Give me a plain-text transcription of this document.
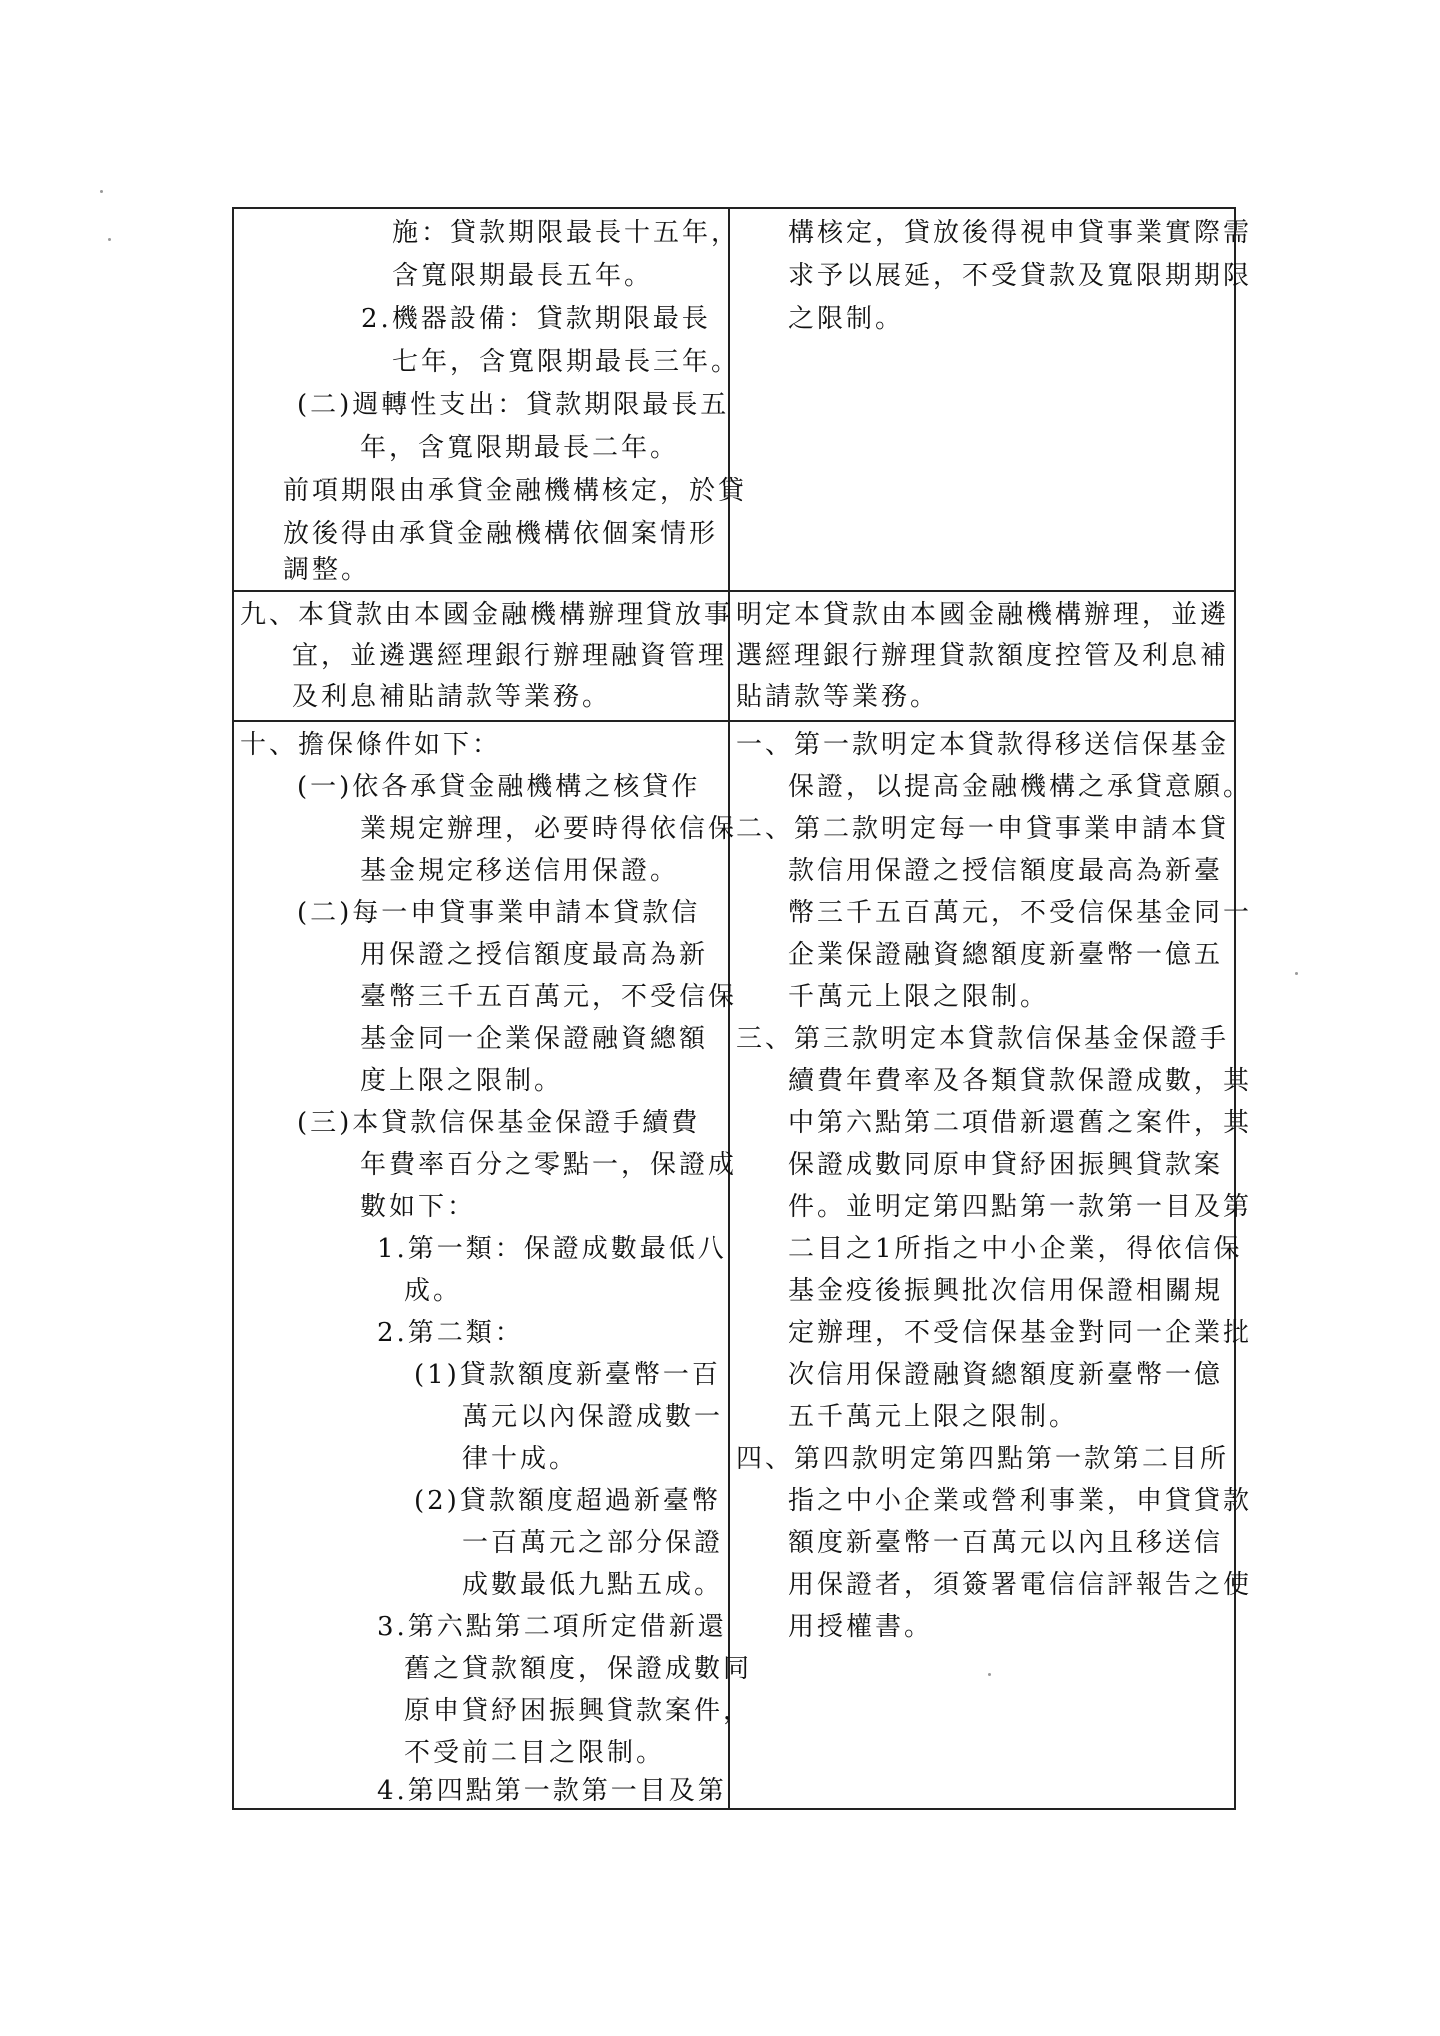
施：貸款期限最長十五年，
含寬限期最長五年。
2.機器設備：貸款期限最長
七年，含寬限期最長三年。
(二)週轉性支出：貸款期限最長五
年，含寬限期最長二年。
前項期限由承貸金融機構核定，於貸
放後得由承貸金融機構依個案情形
調整。
構核定，貸放後得視申貸事業實際需
求予以展延，不受貸款及寬限期期限
之限制。
九、本貸款由本國金融機構辦理貸放事
宜，並遴選經理銀行辦理融資管理
及利息補貼請款等業務。
明定本貸款由本國金融機構辦理，並遴
選經理銀行辦理貸款額度控管及利息補
貼請款等業務。
十、擔保條件如下：
(一)依各承貸金融機構之核貸作
業規定辦理，必要時得依信保
基金規定移送信用保證。
(二)每一申貸事業申請本貸款信
用保證之授信額度最高為新
臺幣三千五百萬元，不受信保
基金同一企業保證融資總額
度上限之限制。
(三)本貸款信保基金保證手續費
年費率百分之零點一，保證成
數如下：
1.第一類：保證成數最低八
成。
2.第二類：
(1)貸款額度新臺幣一百
萬元以內保證成數一
律十成。
(2)貸款額度超過新臺幣
一百萬元之部分保證
成數最低九點五成。
3.第六點第二項所定借新還
舊之貸款額度，保證成數同
原申貸紓困振興貸款案件，
不受前二目之限制。
4.第四點第一款第一目及第
一、第一款明定本貸款得移送信保基金
保證，以提高金融機構之承貸意願。
二、第二款明定每一申貸事業申請本貸
款信用保證之授信額度最高為新臺
幣三千五百萬元，不受信保基金同一
企業保證融資總額度新臺幣一億五
千萬元上限之限制。
三、第三款明定本貸款信保基金保證手
續費年費率及各類貸款保證成數，其
中第六點第二項借新還舊之案件，其
保證成數同原申貸紓困振興貸款案
件。並明定第四點第一款第一目及第
二目之1所指之中小企業，得依信保
基金疫後振興批次信用保證相關規
定辦理，不受信保基金對同一企業批
次信用保證融資總額度新臺幣一億
五千萬元上限之限制。
四、第四款明定第四點第一款第二目所
指之中小企業或營利事業，申貸貸款
額度新臺幣一百萬元以內且移送信
用保證者，須簽署電信信評報告之使
用授權書。
